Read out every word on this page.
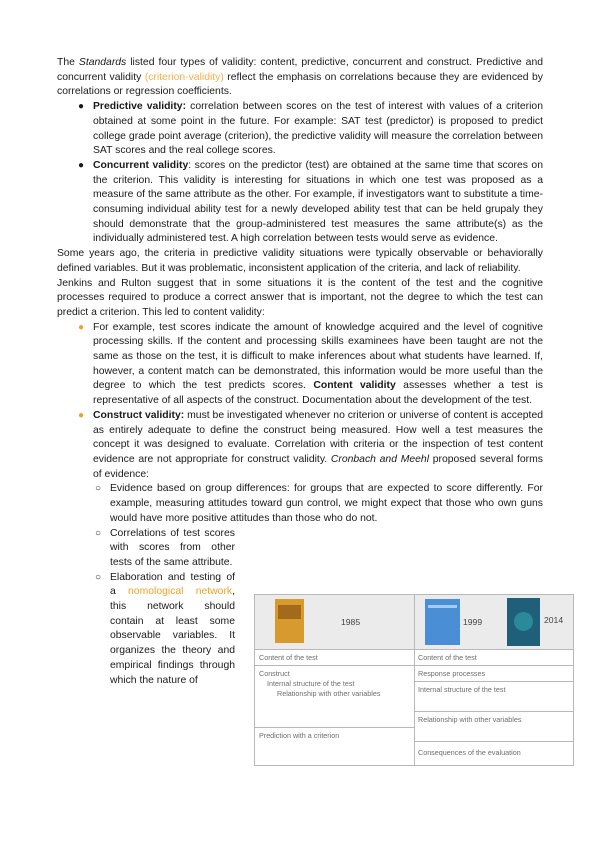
The Standards listed four types of validity: content, predictive, concurrent and construct. Predictive and concurrent validity (criterion-validity) reflect the emphasis on correlations because they are evidenced by correlations or regression coefficients.

● Predictive validity: correlation between scores on the test of interest with values of a criterion obtained at some point in the future. For example: SAT test (predictor) is proposed to predict college grade point average (criterion), the predictive validity will measure the correlation between SAT scores and the real college scores.
● Concurrent validity: scores on the predictor (test) are obtained at the same time that scores on the criterion. This validity is interesting for situations in which one test was proposed as a measure of the same attribute as the other. For example, if investigators want to substitute a time-consuming individual ability test for a newly developed ability test that can be held grupaly they should demonstrate that the group-administered test measures the same attribute(s) as the individually administered test. A high correlation between tests would serve as evidence.

Some years ago, the criteria in predictive validity situations were typically observable or behaviorally defined variables. But it was problematic, inconsistent application of the criteria, and lack of reliability.

Jenkins and Rulton suggest that in some situations it is the content of the test and the cognitive processes required to produce a correct answer that is important, not the degree to which the test can predict a criterion. This led to content validity:

● For example, test scores indicate the amount of knowledge acquired and the level of cognitive processing skills. If the content and processing skills examinees have been taught are not the same as those on the test, it is difficult to make inferences about what students have learned. If, however, a content match can be demonstrated, this information would be more useful than the degree to which the test predicts scores. Content validity assesses whether a test is representative of all aspects of the construct. Documentation about the development of the test.
● Construct validity: must be investigated whenever no criterion or universe of content is accepted as entirely adequate to define the construct being measured. How well a test measures the concept it was designed to evaluate. Correlation with criteria or the inspection of test content evidence are not appropriate for construct validity. Cronbach and Meehl proposed several forms of evidence:
○ Evidence based on group differences: for groups that are expected to score differently. For example, measuring attitudes toward gun control, we might expect that those who own guns would have more positive attitudes than those who do not.
○ Correlations of test scores with scores from other tests of the same attribute.
○ Elaboration and testing of a nomological network, this network should contain at least some observable variables. It organizes the theory and empirical findings through which the nature of
1985	1999	2014
Content of the test
Construct
Internal structure of the test
Relationship with other variables
Prediction with a criterion
Content of the test
Response processes
Internal structure of the test
Relationship with other variables
Consequences of the evaluation
